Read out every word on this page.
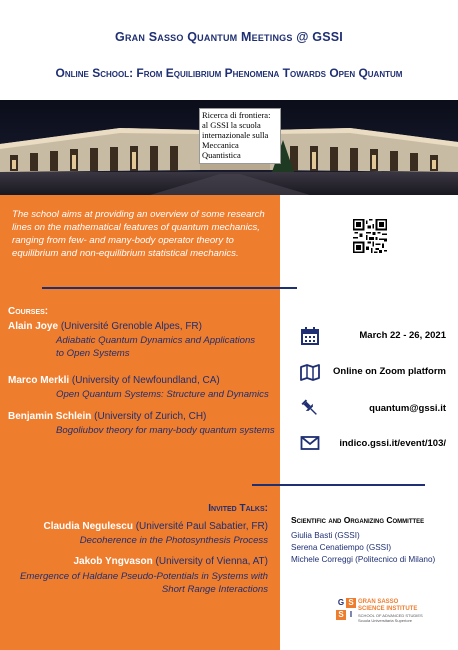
Gran Sasso Quantum Meetings @ GSSI
Online School: From Equilibrium Phenomena Towards Open Quantum
Ricerca di frontiera: al GSSI la scuola internazionale sulla Meccanica Quantistica
The school aims at providing an overview of some research lines on the mathematical features of quantum mechanics, ranging from few- and many-body operator theory to equilibrium and non-equilibrium statistical mechanics.
Courses:
Alain Joye (Université Grenoble Alpes, FR)
Adiabatic Quantum Dynamics and Applications to Open Systems
Marco Merkli (University of Newfoundland, CA)
Open Quantum Systems: Structure and Dynamics
Benjamin Schlein (University of Zurich, CH)
Bogoliubov theory for many-body quantum systems
March 22 - 26, 2021
Online on Zoom platform
quantum@gssi.it
indico.gssi.it/event/103/
Invited Talks:
Claudia Negulescu (Université Paul Sabatier, FR)
Decoherence in the Photosynthesis Process
Jakob Yngvason (University of Vienna, AT)
Emergence of Haldane Pseudo-Potentials in Systems with Short Range Interactions
Scientific and Organizing Committee
Giulia Basti (GSSI)
Serena Cenatiempo (GSSI)
Michele Correggi (Politecnico di Milano)
G S
S I
GRAN SASSO
SCIENCE INSTITUTE
SCHOOL OF ADVANCED STUDIES
Scuola Universitaria Superiore
